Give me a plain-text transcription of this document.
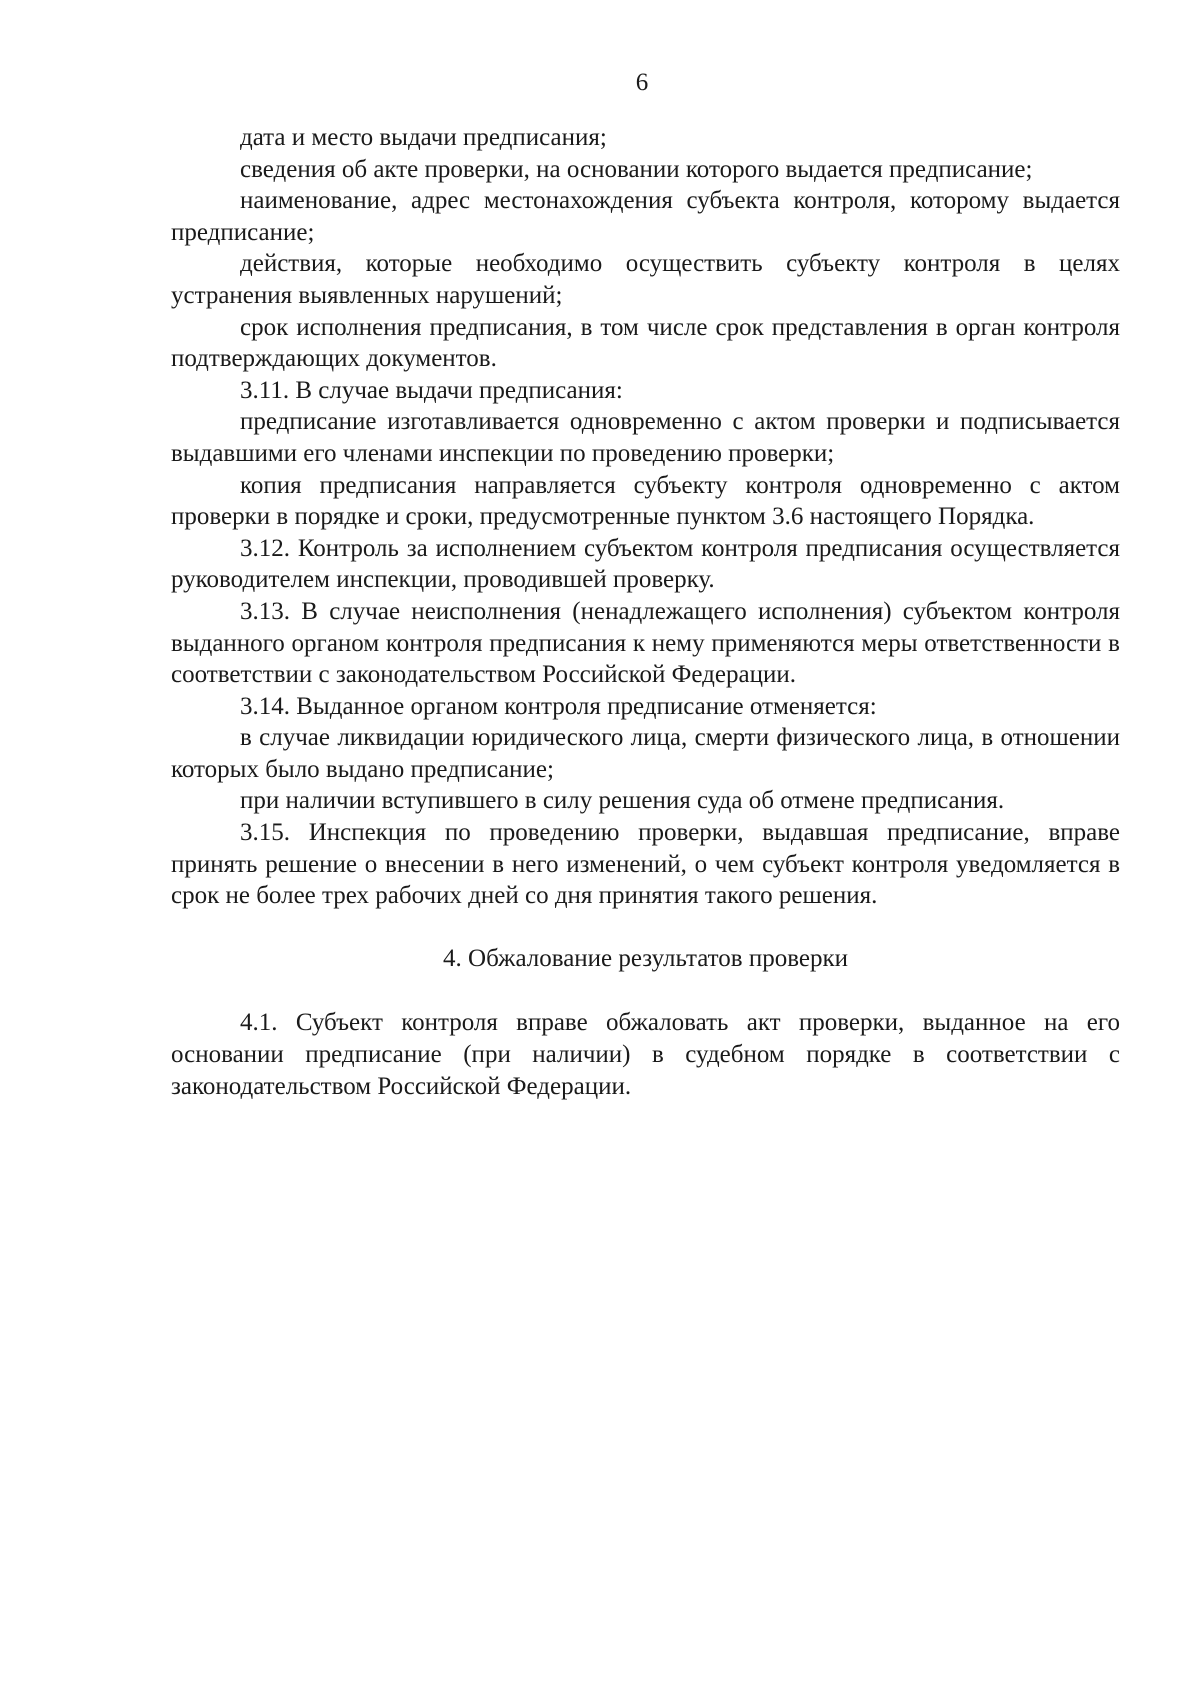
6

дата и место выдачи предписания;

сведения об акте проверки, на основании которого выдается предписание;

наименование, адрес местонахождения субъекта контроля, которому выдается предписание;

действия, которые необходимо осуществить субъекту контроля в целях устранения выявленных нарушений;

срок исполнения предписания, в том числе срок представления в орган контроля подтверждающих документов.

3.11. В случае выдачи предписания:

предписание изготавливается одновременно с актом проверки и подписывается выдавшими его членами инспекции по проведению проверки;

копия предписания направляется субъекту контроля одновременно с актом проверки в порядке и сроки, предусмотренные пунктом 3.6 настоящего Порядка.

3.12. Контроль за исполнением субъектом контроля предписания осуществляется руководителем инспекции, проводившей проверку.

3.13. В случае неисполнения (ненадлежащего исполнения) субъектом контроля выданного органом контроля предписания к нему применяются меры ответственности в соответствии с законодательством Российской Федерации.

3.14. Выданное органом контроля предписание отменяется:

в случае ликвидации юридического лица, смерти физического лица, в отношении которых было выдано предписание;

при наличии вступившего в силу решения суда об отмене предписания.

3.15. Инспекция по проведению проверки, выдавшая предписание, вправе принять решение о внесении в него изменений, о чем субъект контроля уведомляется в срок не более трех рабочих дней со дня принятия такого решения.

4. Обжалование результатов проверки

4.1. Субъект контроля вправе обжаловать акт проверки, выданное на его основании предписание (при наличии) в судебном порядке в соответствии с законодательством Российской Федерации.
